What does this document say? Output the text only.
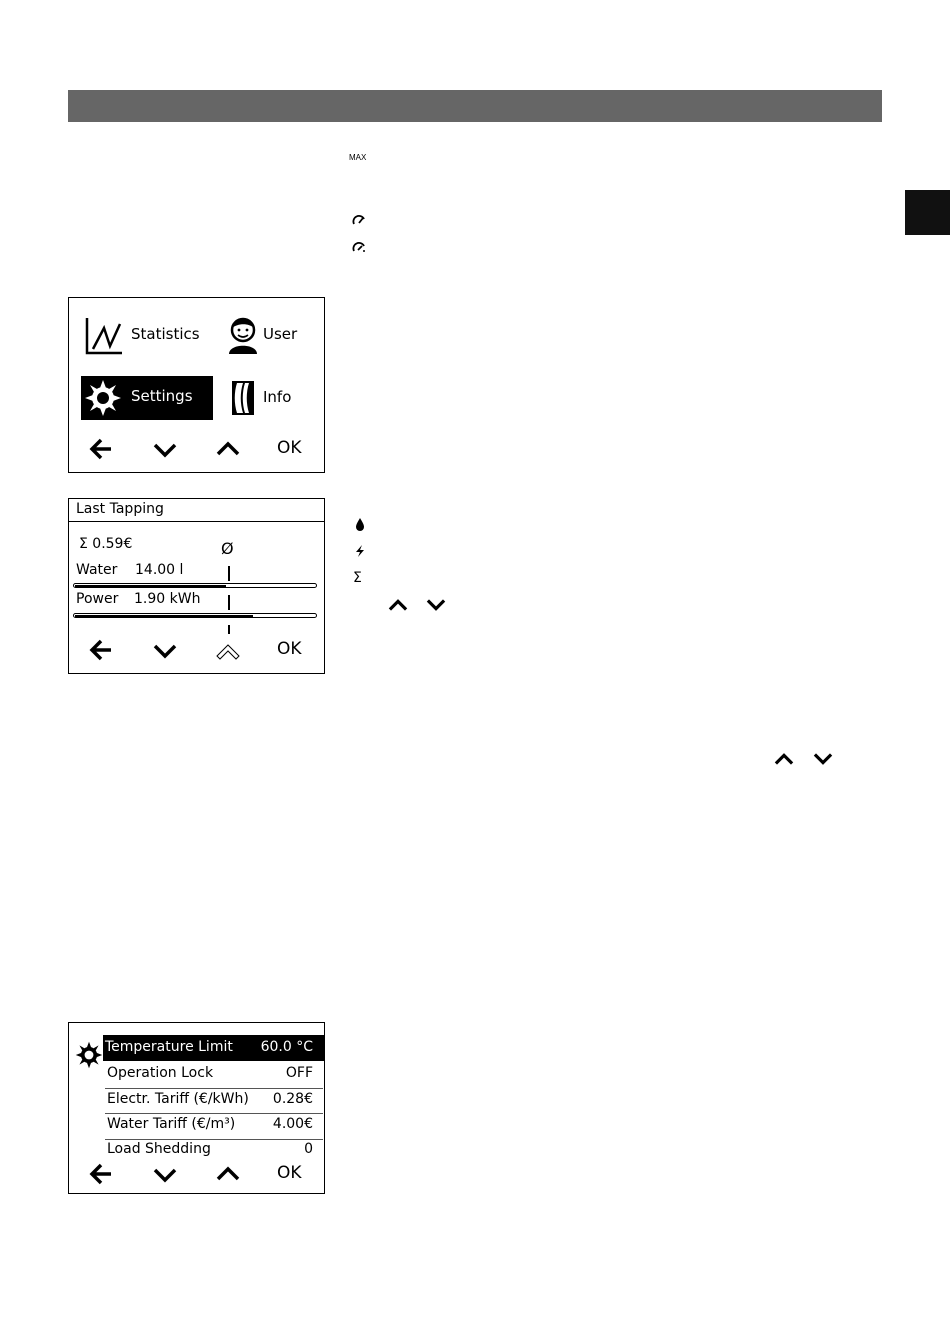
MAX
Statistics	User
Settings	Info
OK
Last Tapping
Σ 0.59€	Ø
Water 14.00 l
Power 1.90 kWh
OK
Σ
Temperature Limit 60.0 °C
Operation Lock	OFF
Electr. Tariff (€/kWh) 0.28€
Water Tariff (€/m³)	4.00€
Load Shedding	0
OK
